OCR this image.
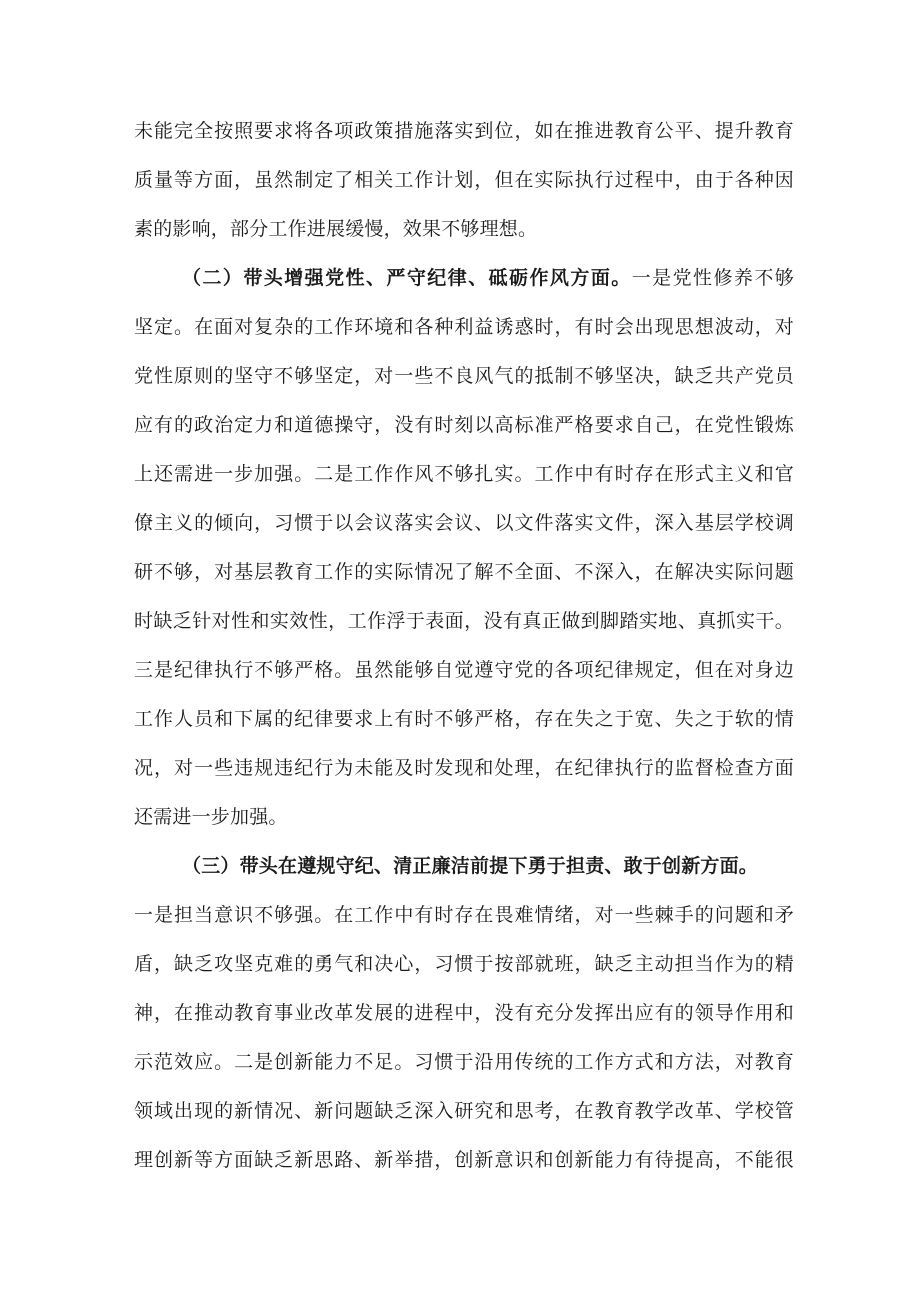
未能完全按照要求将各项政策措施落实到位，如在推进教育公平、提升教育
质量等方面，虽然制定了相关工作计划，但在实际执行过程中，由于各种因
素的影响，部分工作进展缓慢，效果不够理想。
（二）带头增强党性、严守纪律、砥砺作风方面。一是党性修养不够
坚定。在面对复杂的工作环境和各种利益诱惑时，有时会出现思想波动，对
党性原则的坚守不够坚定，对一些不良风气的抵制不够坚决，缺乏共产党员
应有的政治定力和道德操守，没有时刻以高标准严格要求自己，在党性锻炼
上还需进一步加强。二是工作作风不够扎实。工作中有时存在形式主义和官
僚主义的倾向，习惯于以会议落实会议、以文件落实文件，深入基层学校调
研不够，对基层教育工作的实际情况了解不全面、不深入，在解决实际问题
时缺乏针对性和实效性，工作浮于表面，没有真正做到脚踏实地、真抓实干。
三是纪律执行不够严格。虽然能够自觉遵守党的各项纪律规定，但在对身边
工作人员和下属的纪律要求上有时不够严格，存在失之于宽、失之于软的情
况，对一些违规违纪行为未能及时发现和处理，在纪律执行的监督检查方面
还需进一步加强。
（三）带头在遵规守纪、清正廉洁前提下勇于担责、敢于创新方面。
一是担当意识不够强。在工作中有时存在畏难情绪，对一些棘手的问题和矛
盾，缺乏攻坚克难的勇气和决心，习惯于按部就班，缺乏主动担当作为的精
神，在推动教育事业改革发展的进程中，没有充分发挥出应有的领导作用和
示范效应。二是创新能力不足。习惯于沿用传统的工作方式和方法，对教育
领域出现的新情况、新问题缺乏深入研究和思考，在教育教学改革、学校管
理创新等方面缺乏新思路、新举措，创新意识和创新能力有待提高，不能很
